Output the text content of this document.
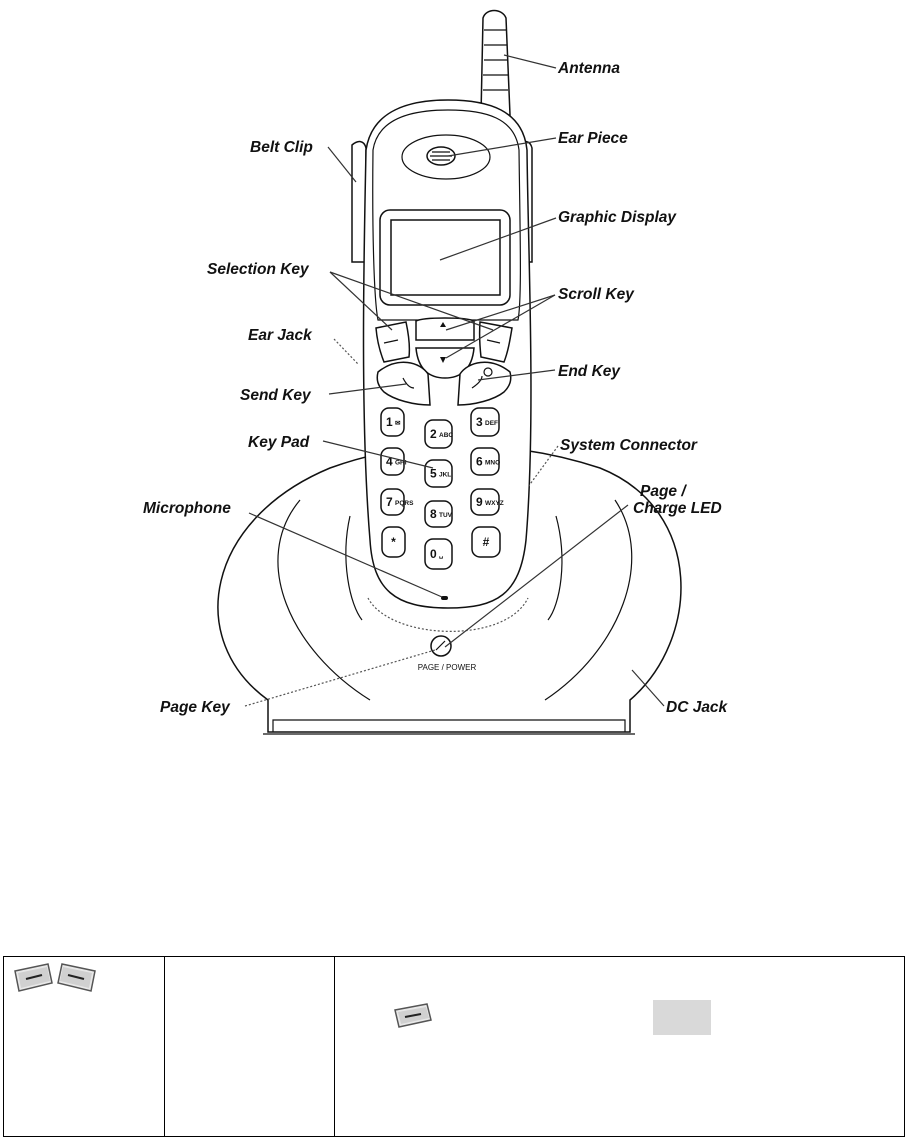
PAGE / POWER
1 ✉
2 ABC
3 DEF
4 GHI
5 JKL
6 MNO
7 PQRS
8 TUV
9 WXYZ
*
0 ␣
#
Antenna
Belt Clip
Ear Piece
Graphic Display
Selection Key
Scroll Key
Ear Jack
Send Key
End Key
Key Pad	System Connector
Microphone
Page / Charge LED
Page Key	DC Jack
